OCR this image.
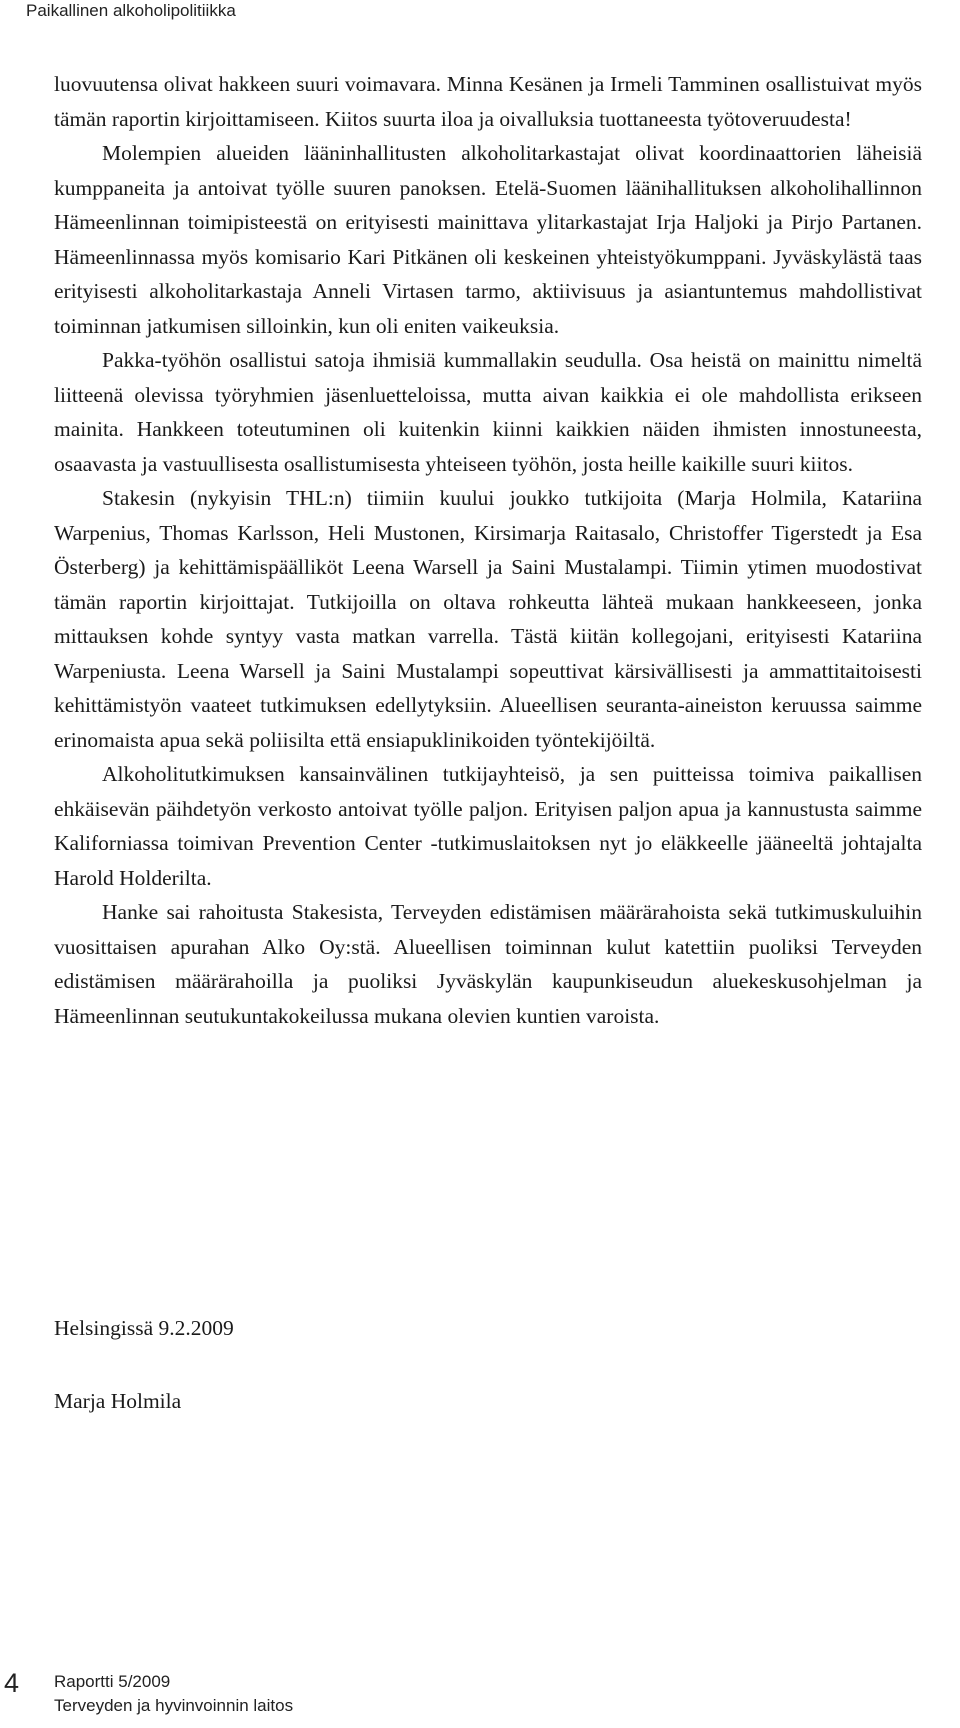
Paikallinen alkoholipolitiikka

luovuutensa olivat hakkeen suuri voimavara. Minna Kesänen ja Irmeli Tamminen osallistuivat myös tämän raportin kirjoittamiseen. Kiitos suurta iloa ja oivalluksia tuottaneesta työtoveruudesta!

Molempien alueiden lääninhallitusten alkoholitarkastajat olivat koordinaattorien läheisiä kumppaneita ja antoivat työlle suuren panoksen. Etelä-Suomen läänihallituksen alkoholihallinnon Hämeenlinnan toimipisteestä on erityisesti mainittava ylitarkastajat Irja Haljoki ja Pirjo Partanen. Hämeenlinnassa myös komisario Kari Pitkänen oli keskeinen yhteistyökumppani. Jyväskylästä taas erityisesti alkoholitarkastaja Anneli Virtasen tarmo, aktiivisuus ja asiantuntemus mahdollistivat toiminnan jatkumisen silloinkin, kun oli eniten vaikeuksia.

Pakka-työhön osallistui satoja ihmisiä kummallakin seudulla. Osa heistä on mainittu nimeltä liitteenä olevissa työryhmien jäsenluetteloissa, mutta aivan kaikkia ei ole mahdollista erikseen mainita. Hankkeen toteutuminen oli kuitenkin kiinni kaikkien näiden ihmisten innostuneesta, osaavasta ja vastuullisesta osallistumisesta yhteiseen työhön, josta heille kaikille suuri kiitos.

Stakesin (nykyisin THL:n) tiimiin kuului joukko tutkijoita (Marja Holmila, Katariina Warpenius, Thomas Karlsson, Heli Mustonen, Kirsimarja Raitasalo, Christoffer Tigerstedt ja Esa Österberg) ja kehittämispäälliköt Leena Warsell ja Saini Mustalampi. Tiimin ytimen muodostivat tämän raportin kirjoittajat. Tutkijoilla on oltava rohkeutta lähteä mukaan hankkeeseen, jonka mittauksen kohde syntyy vasta matkan varrella. Tästä kiitän kollegojani, erityisesti Katariina Warpeniusta. Leena Warsell ja Saini Mustalampi sopeuttivat kärsivällisesti ja ammattitaitoisesti kehittämistyön vaateet tutkimuksen edellytyksiin. Alueellisen seuranta-aineiston keruussa saimme erinomaista apua sekä poliisilta että ensiapuklinikoiden työntekijöiltä.

Alkoholitutkimuksen kansainvälinen tutkijayhteisö, ja sen puitteissa toimiva paikallisen ehkäisevän päihdetyön verkosto antoivat työlle paljon. Erityisen paljon apua ja kannustusta saimme Kaliforniassa toimivan Prevention Center -tutkimuslaitoksen nyt jo eläkkeelle jääneeltä johtajalta Harold Holderilta.

Hanke sai rahoitusta Stakesista, Terveyden edistämisen määrärahoista sekä tutkimuskuluihin vuosittaisen apurahan Alko Oy:stä. Alueellisen toiminnan kulut katettiin puoliksi Terveyden edistämisen määrärahoilla ja puoliksi Jyväskylän kaupunkiseudun aluekeskusohjelman ja Hämeenlinnan seutukuntakokeilussa mukana olevien kuntien varoista.

Helsingissä 9.2.2009

Marja Holmila

4 Raportti 5/2009
Terveyden ja hyvinvoinnin laitos
